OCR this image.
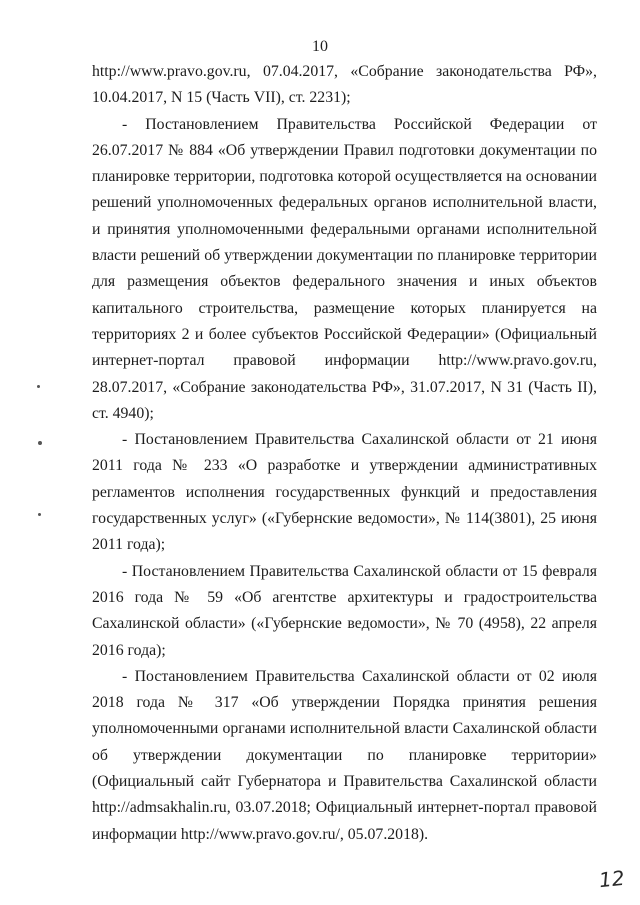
10

http://www.pravo.gov.ru, 07.04.2017, «Собрание законодательства РФ», 10.04.2017, N 15 (Часть VII), ст. 2231);

- Постановлением Правительства Российской Федерации от 26.07.2017 № 884 «Об утверждении Правил подготовки документации по планировке территории, подготовка которой осуществляется на основании решений уполномоченных федеральных органов исполнительной власти, и принятия уполномоченными федеральными органами исполнительной власти решений об утверждении документации по планировке территории для размещения объектов федерального значения и иных объектов капитального строительства, размещение которых планируется на территориях 2 и более субъектов Российской Федерации» (Официальный интернет-портал правовой информации http://www.pravo.gov.ru, 28.07.2017, «Собрание законодательства РФ», 31.07.2017, N 31 (Часть II), ст. 4940);

- Постановлением Правительства Сахалинской области от 21 июня 2011 года № 233 «О разработке и утверждении административных регламентов исполнения государственных функций и предоставления государственных услуг» («Губернские ведомости», № 114(3801), 25 июня 2011 года);

- Постановлением Правительства Сахалинской области от 15 февраля 2016 года № 59 «Об агентстве архитектуры и градостроительства Сахалинской области» («Губернские ведомости», № 70 (4958), 22 апреля 2016 года);

- Постановлением Правительства Сахалинской области от 02 июля 2018 года № 317 «Об утверждении Порядка принятия решения уполномоченными органами исполнительной власти Сахалинской области об утверждении документации по планировке территории» (Официальный сайт Губернатора и Правительства Сахалинской области http://admsakhalin.ru, 03.07.2018; Официальный интернет-портал правовой информации http://www.pravo.gov.ru/, 05.07.2018).

12
